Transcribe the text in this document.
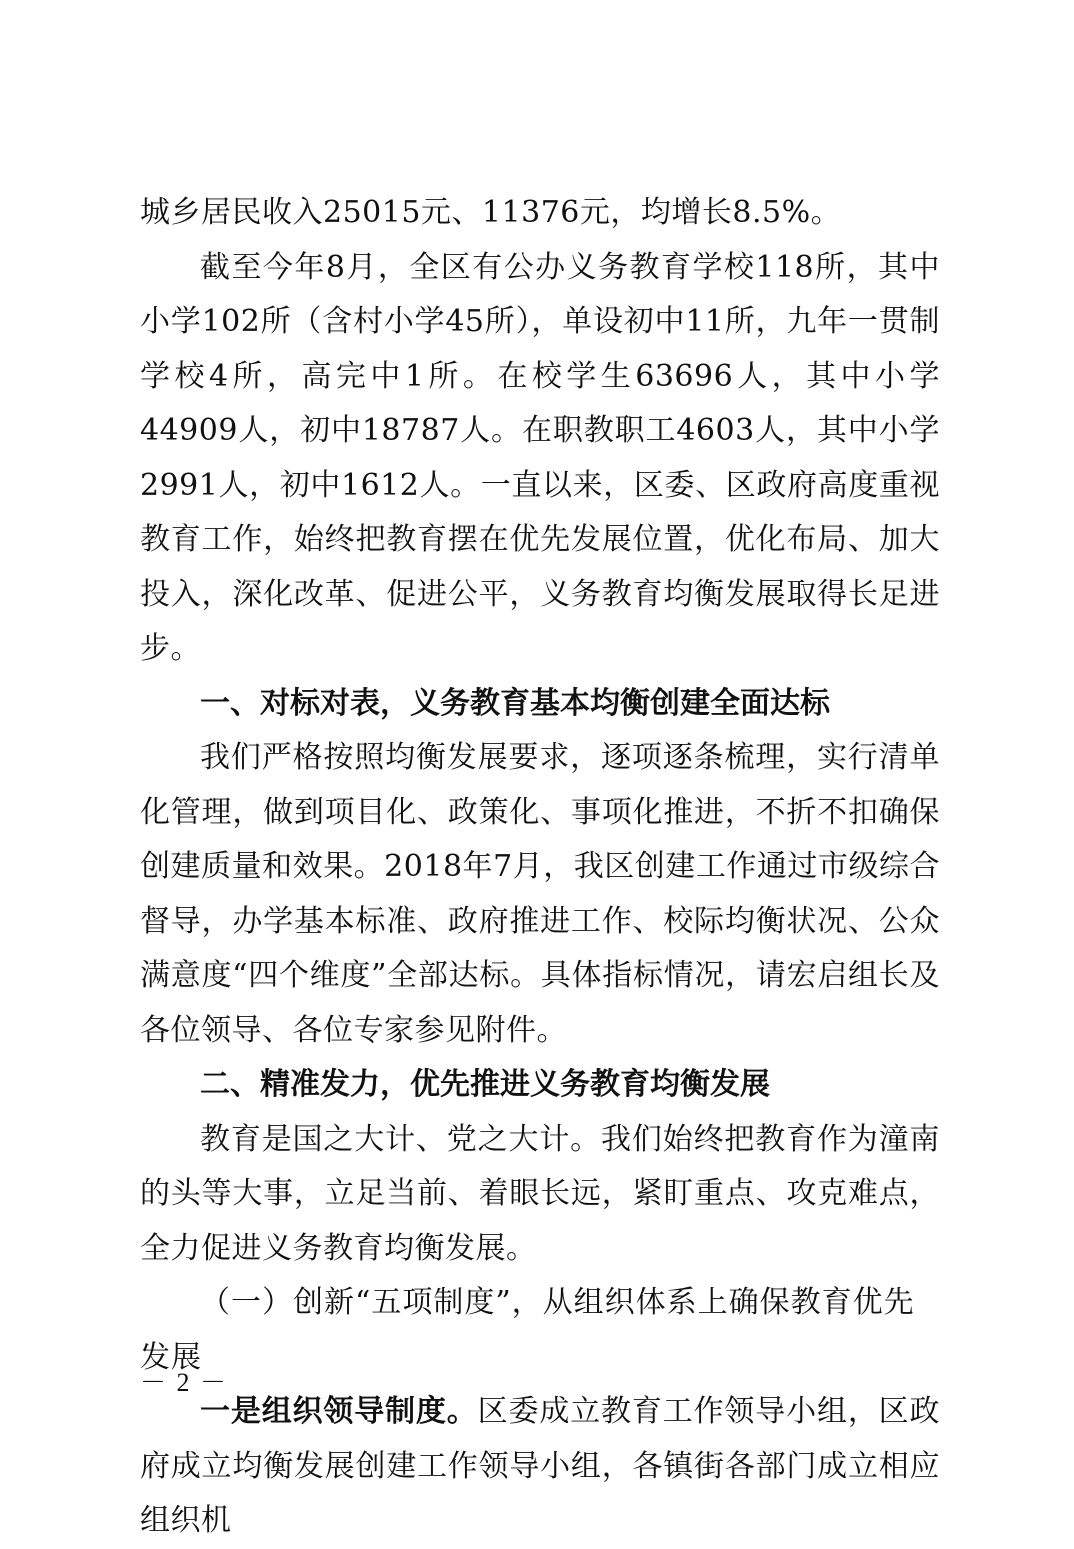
城乡居民收入25015元、11376元，均增长8.5%。

截至今年8月，全区有公办义务教育学校118所，其中小学102所（含村小学45所），单设初中11所，九年一贯制学校4所，高完中1所。在校学生63696人，其中小学44909人，初中18787人。在职教职工4603人，其中小学2991人，初中1612人。一直以来，区委、区政府高度重视教育工作，始终把教育摆在优先发展位置，优化布局、加大投入，深化改革、促进公平，义务教育均衡发展取得长足进步。

一、对标对表，义务教育基本均衡创建全面达标

我们严格按照均衡发展要求，逐项逐条梳理，实行清单化管理，做到项目化、政策化、事项化推进，不折不扣确保创建质量和效果。2018年7月，我区创建工作通过市级综合督导，办学基本标准、政府推进工作、校际均衡状况、公众满意度“四个维度”全部达标。具体指标情况，请宏启组长及各位领导、各位专家参见附件。

二、精准发力，优先推进义务教育均衡发展

教育是国之大计、党之大计。我们始终把教育作为潼南的头等大事，立足当前、着眼长远，紧盯重点、攻克难点，全力促进义务教育均衡发展。

（一）创新“五项制度”，从组织体系上确保教育优先发展

一是组织领导制度。区委成立教育工作领导小组，区政府成立均衡发展创建工作领导小组，各镇街各部门成立相应组织机

－ 2 －
